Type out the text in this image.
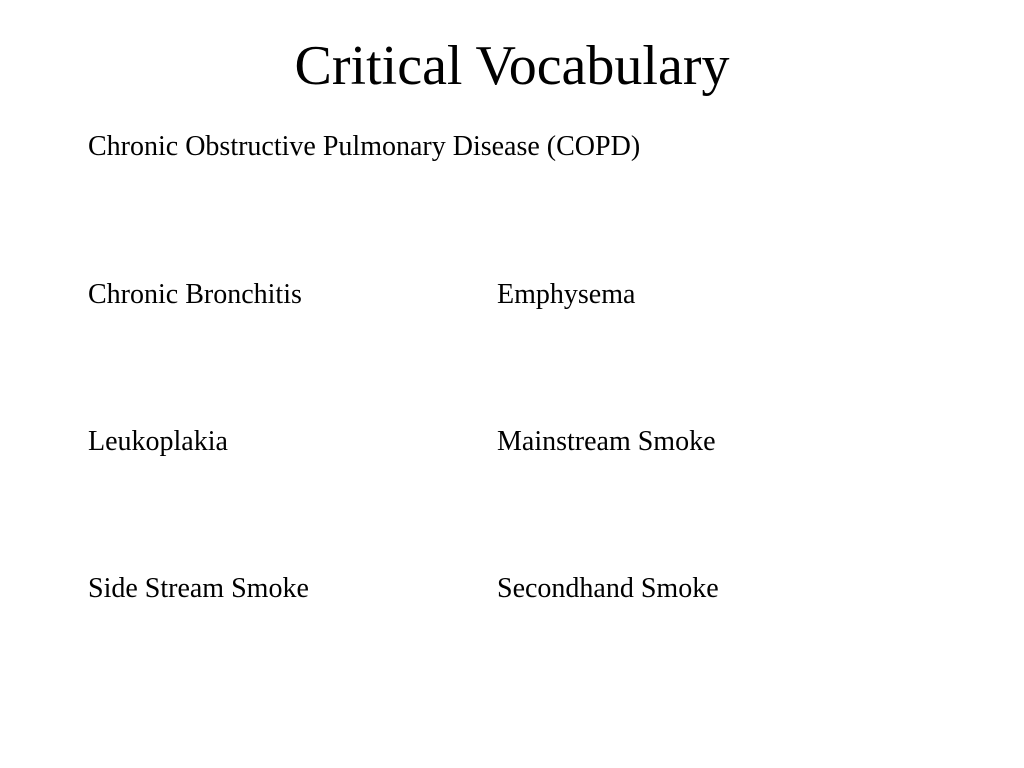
Critical Vocabulary
Chronic Obstructive Pulmonary Disease (COPD)
Chronic Bronchitis	Emphysema
Leukoplakia	Mainstream Smoke
Side Stream Smoke	Secondhand Smoke
